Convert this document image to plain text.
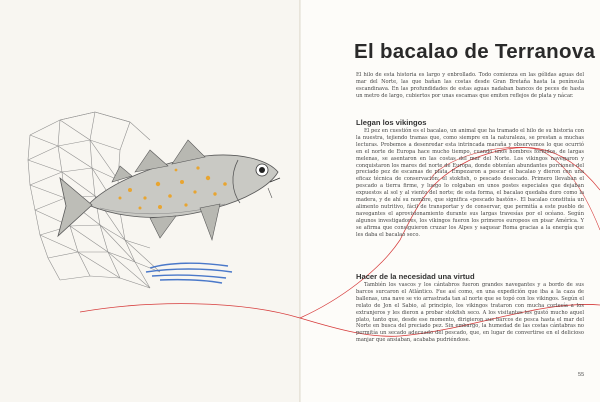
El bacalao de Terranova

El hilo de esta historia es largo y enbrollado. Todo comienza en las gélidas aguas del mar del Norte, las que bañan las costas desde Gran Bretaña hasta la península escandinava. En las profundidades de estas aguas nadaban bancos de peces de hasta un metro de largo, cubiertos por unas escamas que emiten reflejos de plata y nácar.

Llegan los vikingos

El pez en cuestión es el bacalao, un animal que ha tramado el hilo de su historia con la nuestra, tejiendo tramas que, como siempre en la naturaleza, se prestan a muchas lecturas. Probemos a desenredar esta intrincada maraña y observemos lo que ocurrió en el norte de Europa hace mucho tiempo, cuando unos hombres fornidos, de largas melenas, se asentaron en las costas del mar del Norte. Los vikingos navegaron y conquistaron los mares del norte de Europa, donde obtenían abundantes porciones del preciado pez de escamas de plata. Empezaron a pescar el bacalao y dieron con una eficaz técnica de conservación: el stokfish, o pescado desecado. Primero llevaban el pescado a tierra firme, y luego lo colgaban en unos postes especiales que dejaban expuestos al sol y al viento del norte; de esta forma, el bacalao quedaba duro como la madera, y de ahí su nombre, que significa «pescado bastón». El bacalao constituía un alimento nutritivo, fácil de transportar y de conservar, que permitía a este pueblo de navegantes el aprovisionamiento durante sus largas travesías por el océano. Según algunos investigadores, los vikingos fueron los primeros europeos en pisar América. Y se afirma que consiguieron cruzar los Alpes y saquear Roma gracias a la energía que les daba el bacalao seco.

Hacer de la necesidad una virtud

También los vascos y los cántabros fueron grandes navegantes y a bordo de sus barcos surcaron el Atlántico. Fue así como, en una expedición que iba a la caza de ballenas, una nave se vio arrastrada tan al norte que se topó con los vikingos. Según el relato de Jon el Sabio, al principio, los vikingos trataron con mucha cortesía a los extranjeros y les dieron a probar stokfish seco. A los visitantes les gustó mucho aquel plato, tanto que, desde ese momento, dirigieron sus barcos de pesca hasta el mar del Norte en busca del preciado pez. Sin embargo, la humedad de las costas cántabras no permitía un secado adecuado del pescado, que, en lugar de convertirse en el delicioso manjar que ansiaban, acababa pudriéndose.

55
